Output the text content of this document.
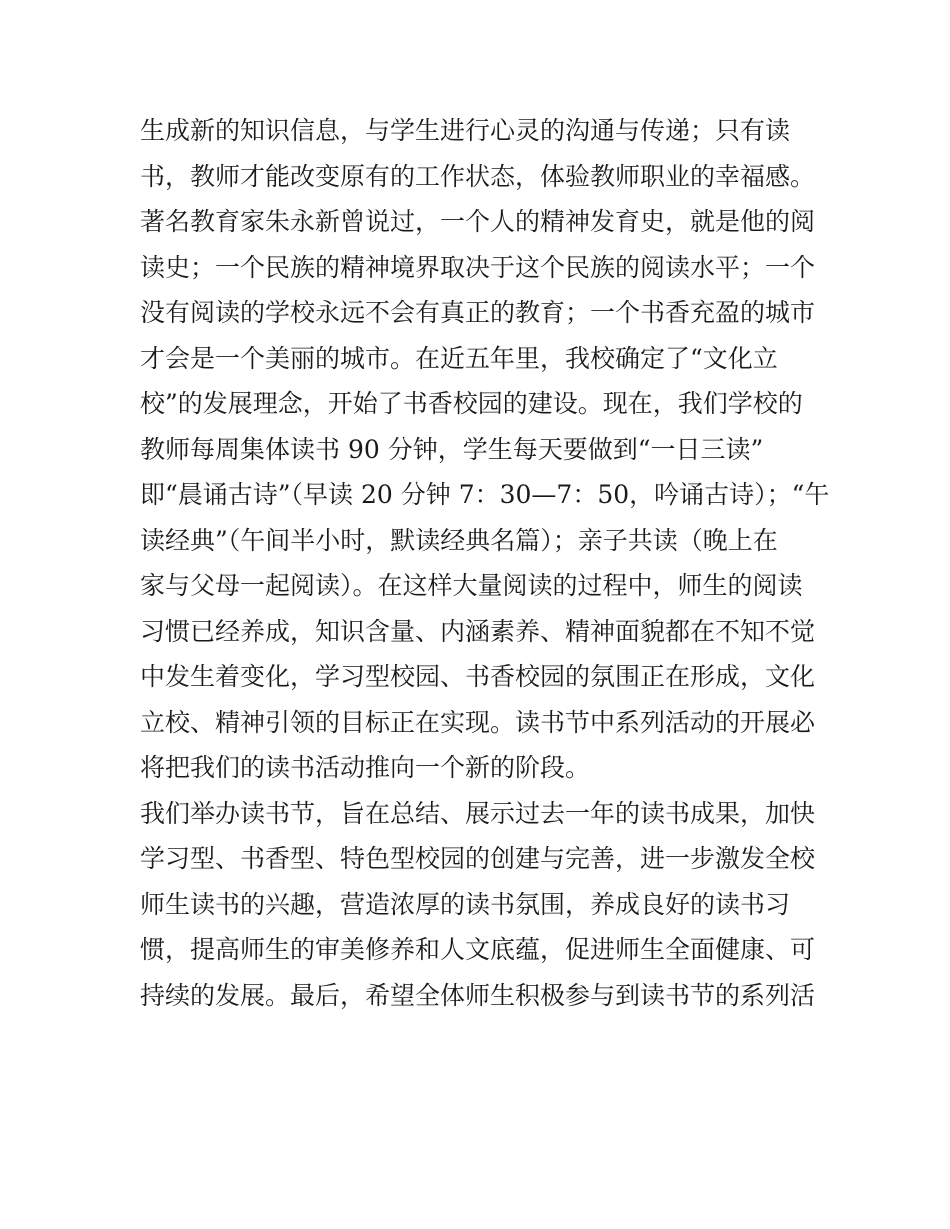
生成新的知识信息，与学生进行心灵的沟通与传递；只有读
书，教师才能改变原有的工作状态，体验教师职业的幸福感。
著名教育家朱永新曾说过，一个人的精神发育史，就是他的阅
读史；一个民族的精神境界取决于这个民族的阅读水平；一个
没有阅读的学校永远不会有真正的教育；一个书香充盈的城市
才会是一个美丽的城市。在近五年里，我校确定了“文化立
校”的发展理念，开始了书香校园的建设。现在，我们学校的
教师每周集体读书 90 分钟，学生每天要做到“一日三读”
即“晨诵古诗”（早读 20 分钟 7：30—7：50，吟诵古诗）；“午
读经典”（午间半小时，默读经典名篇）；亲子共读（晚上在
家与父母一起阅读）。在这样大量阅读的过程中，师生的阅读
习惯已经养成，知识含量、内涵素养、精神面貌都在不知不觉
中发生着变化，学习型校园、书香校园的氛围正在形成，文化
立校、精神引领的目标正在实现。读书节中系列活动的开展必
将把我们的读书活动推向一个新的阶段。
我们举办读书节，旨在总结、展示过去一年的读书成果，加快
学习型、书香型、特色型校园的创建与完善，进一步激发全校
师生读书的兴趣，营造浓厚的读书氛围，养成良好的读书习
惯，提高师生的审美修养和人文底蕴，促进师生全面健康、可
持续的发展。最后，希望全体师生积极参与到读书节的系列活
